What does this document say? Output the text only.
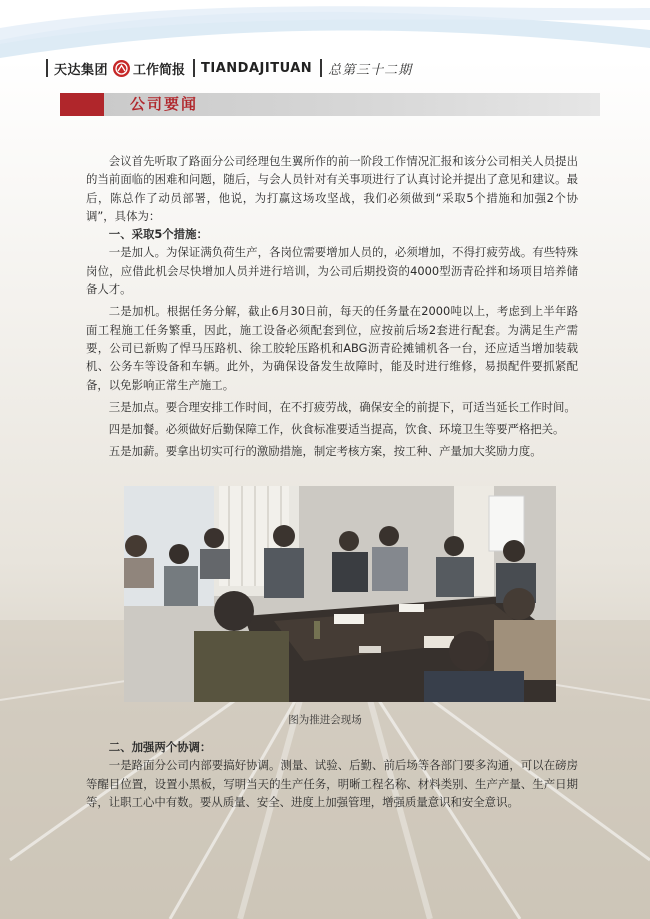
天达集团 工作简报 TIANDAJITUAN 总第三十二期
公司要闻

会议首先听取了路面分公司经理包生翼所作的前一阶段工作情况汇报和该分公司相关人员提出的当前面临的困难和问题，随后，与会人员针对有关事项进行了认真讨论并提出了意见和建议。最后，陈总作了动员部署，他说，为打赢这场攻坚战，我们必须做到“采取5个措施和加强2个协调”，具体为：

一、采取5个措施：

一是加人。为保证满负荷生产，各岗位需要增加人员的，必须增加，不得打疲劳战。有些特殊岗位，应借此机会尽快增加人员并进行培训，为公司后期投资的4000型沥青砼拌和场项目培养储备人才。

二是加机。根据任务分解，截止6月30日前，每天的任务量在2000吨以上，考虑到上半年路面工程施工任务繁重，因此，施工设备必须配套到位，应按前后场2套进行配套。为满足生产需要，公司已新购了悍马压路机、徐工胶轮压路机和ABG沥青砼摊铺机各一台，还应适当增加装载机、公务车等设备和车辆。此外，为确保设备发生故障时，能及时进行维修，易损配件要抓紧配备，以免影响正常生产施工。

三是加点。要合理安排工作时间，在不打疲劳战，确保安全的前提下，可适当延长工作时间。

四是加餐。必须做好后勤保障工作，伙食标准要适当提高，饮食、环境卫生等要严格把关。

五是加薪。要拿出切实可行的激励措施，制定考核方案，按工种、产量加大奖励力度。

图为推进会现场

二、加强两个协调：

一是路面分公司内部要搞好协调。测量、试验、后勤、前后场等各部门要多沟通，可以在磅房等醒目位置，设置小黑板，写明当天的生产任务，明晰工程名称、材料类别、生产产量、生产日期等，让职工心中有数。要从质量、安全、进度上加强管理，增强质量意识和安全意识。
